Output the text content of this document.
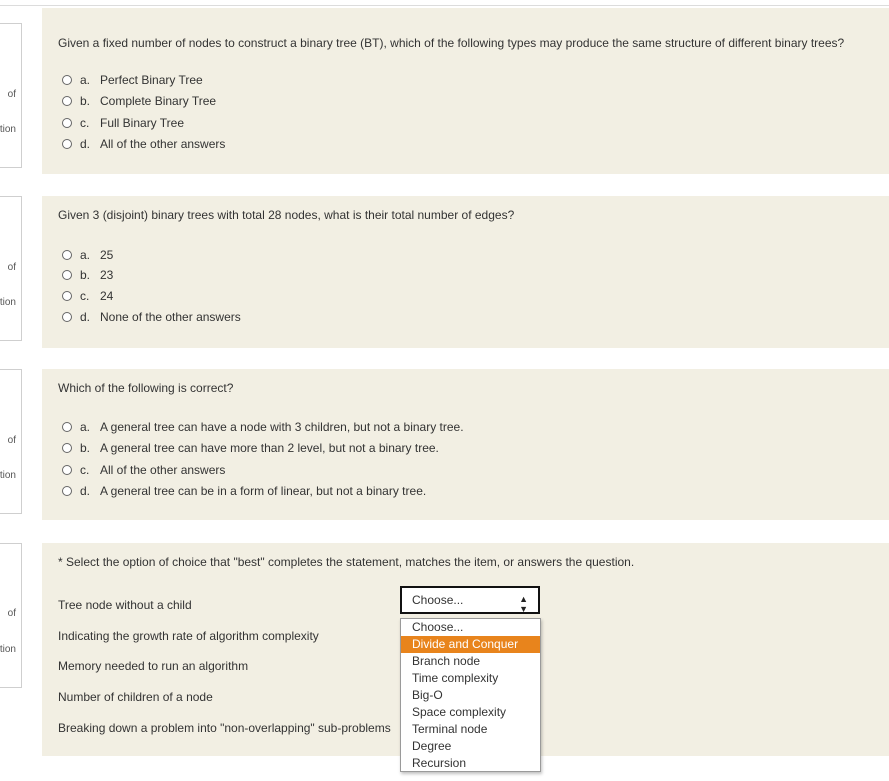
of
tion
of
tion
of
tion
of
tion
Given a fixed number of nodes to construct a binary tree (BT), which of the following types may produce the same structure of different binary trees?
a. Perfect Binary Tree
b. Complete Binary Tree
c. Full Binary Tree
d. All of the other answers
Given 3 (disjoint) binary trees with total 28 nodes, what is their total number of edges?
a. 25
b. 23
c. 24
d. None of the other answers
Which of the following is correct?
a. A general tree can have a node with 3 children, but not a binary tree.
b. A general tree can have more than 2 level, but not a binary tree.
c. All of the other answers
d. A general tree can be in a form of linear, but not a binary tree.
* Select the option of choice that "best" completes the statement, matches the item, or answers the question.
Tree node without a child
Indicating the growth rate of algorithm complexity
Memory needed to run an algorithm
Number of children of a node
Breaking down a problem into "non-overlapping" sub-problems
Choose...	▲
▼
Choose...
Divide and Conquer
Branch node
Time complexity
Big-O
Space complexity
Terminal node
Degree
Recursion
